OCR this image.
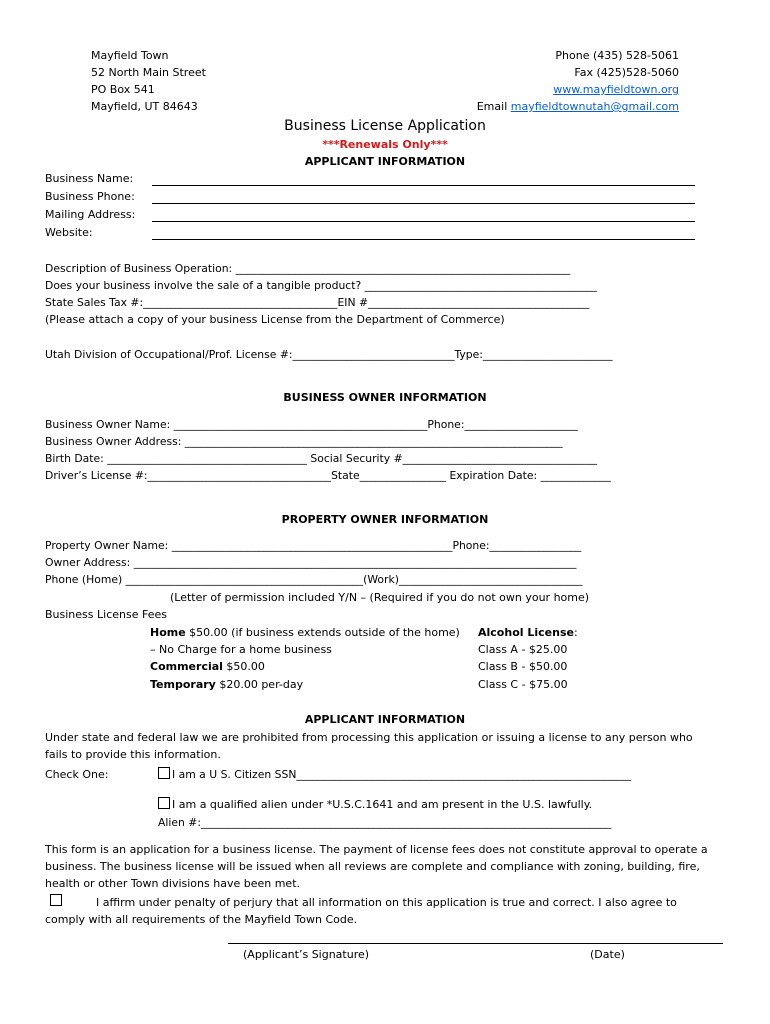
Mayfield Town
52 North Main Street
PO Box 541
Mayfield, UT 84643
Phone (435) 528-5061
Fax (425)528-5060
www.mayfieldtown.org
Email mayfieldtownutah@gmail.com
Business License Application
***Renewals Only***
APPLICANT INFORMATION
Business Name:
Business Phone:
Mailing Address:
Website:
Description of Business Operation: ______________________________________________________________
Does your business involve the sale of a tangible product? ___________________________________________
State Sales Tax #:____________________________________EIN #_________________________________________
(Please attach a copy of your business License from the Department of Commerce)
Utah Division of Occupational/Prof. License #:______________________________Type:________________________
BUSINESS OWNER INFORMATION
Business Owner Name: _______________________________________________Phone:_____________________
Business Owner Address: ______________________________________________________________________
Birth Date: _____________________________________ Social Security #____________________________________
Driver’s License #:__________________________________State________________ Expiration Date: _____________
PROPERTY OWNER INFORMATION
Property Owner Name: ____________________________________________________Phone:_________________
Owner Address: __________________________________________________________________________________
Phone (Home) ____________________________________________(Work)__________________________________
(Letter of permission included Y/N – (Required if you do not own your home)
Business License Fees
Home $50.00 (if business extends outside of the home)
– No Charge for a home business
Commercial $50.00
Temporary $20.00 per-day
Alcohol License:
Class A - $25.00
Class B - $50.00
Class C - $75.00
APPLICANT INFORMATION
Under state and federal law we are prohibited from processing this application or issuing a license to any person who fails to provide this information.
Check One:	I am a U S. Citizen SSN______________________________________________________________
I am a qualified alien under *U.S.C.1641 and am present in the U.S. lawfully.
Alien #:____________________________________________________________________________
This form is an application for a business license. The payment of license fees does not constitute approval to operate a business. The business license will be issued when all reviews are complete and compliance with zoning, building, fire, health or other Town divisions have been met.
I affirm under penalty of perjury that all information on this application is true and correct. I also agree to
comply with all requirements of the Mayfield Town Code.
(Applicant’s Signature)	(Date)
